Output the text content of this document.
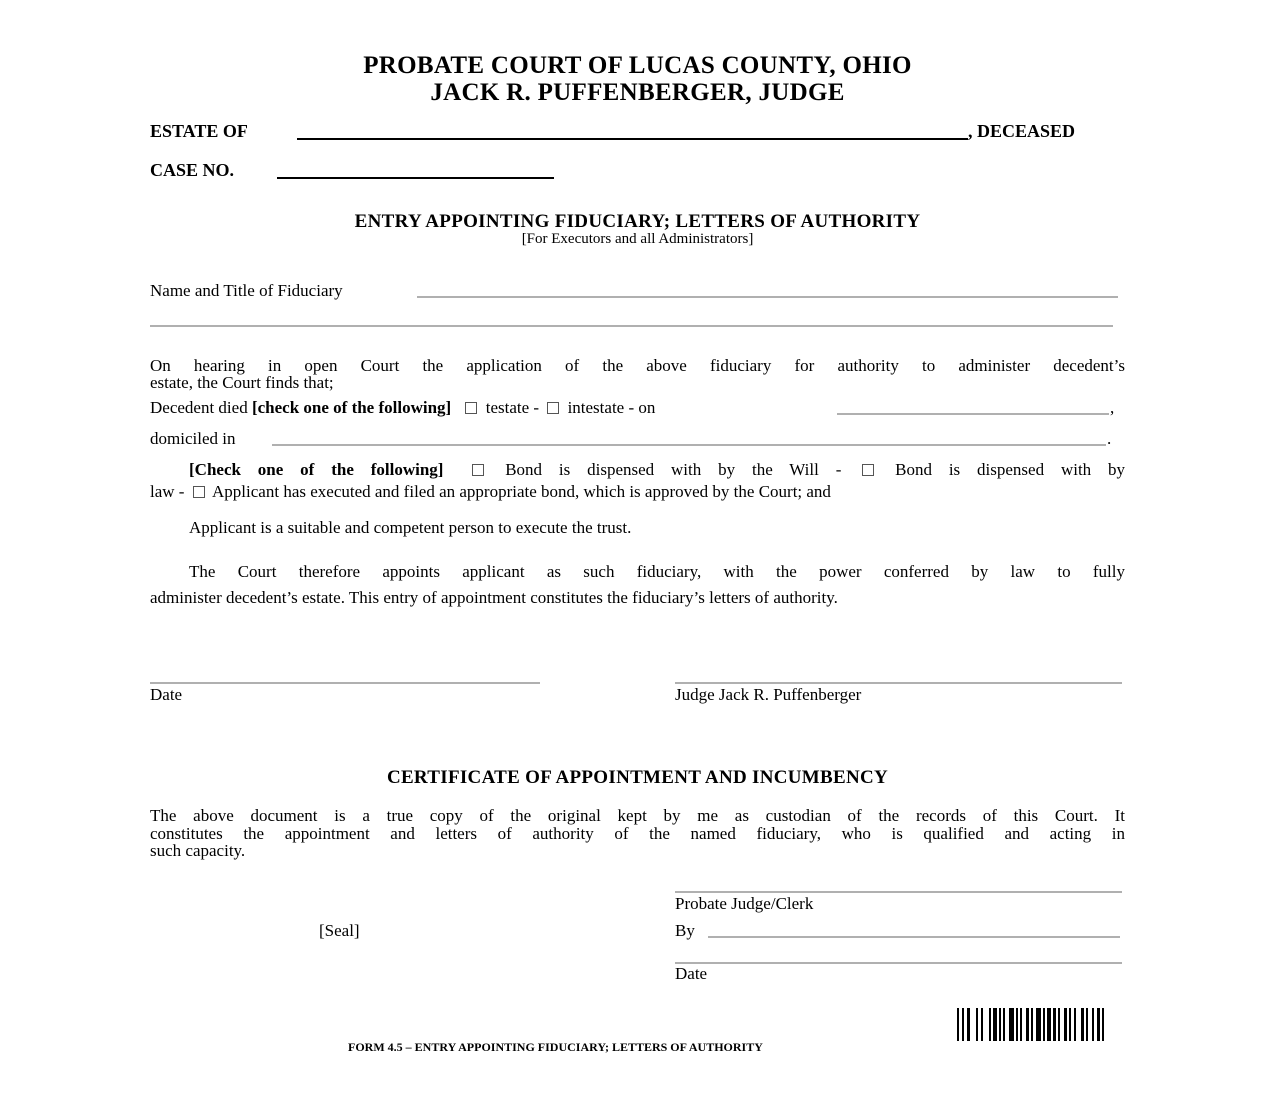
PROBATE COURT OF LUCAS COUNTY, OHIO
JACK R. PUFFENBERGER, JUDGE
ESTATE OF	, DECEASED
CASE NO.
ENTRY APPOINTING FIDUCIARY; LETTERS OF AUTHORITY
[For Executors and all Administrators]
Name and Title of Fiduciary
On hearing in open Court the application of the above fiduciary for authority to administer decedent’s
estate, the Court finds that;
Decedent died [check one of the following] testate - intestate - on	,
domiciled in	.
[Check one of the following]	Bond is dispensed with by the Will -	Bond is dispensed with by
law - Applicant has executed and filed an appropriate bond, which is approved by the Court; and
Applicant is a suitable and competent person to execute the trust.
The Court therefore appoints applicant as such fiduciary, with the power conferred by law to fully
administer decedent’s estate. This entry of appointment constitutes the fiduciary’s letters of authority.
Date	Judge Jack R. Puffenberger
CERTIFICATE OF APPOINTMENT AND INCUMBENCY
The above document is a true copy of the original kept by me as custodian of the records of this Court. It
constitutes the appointment and letters of authority of the named fiduciary, who is qualified and acting in
such capacity.
Probate Judge/Clerk
[Seal]	By
Date
FORM 4.5 – ENTRY APPOINTING FIDUCIARY; LETTERS OF AUTHORITY
